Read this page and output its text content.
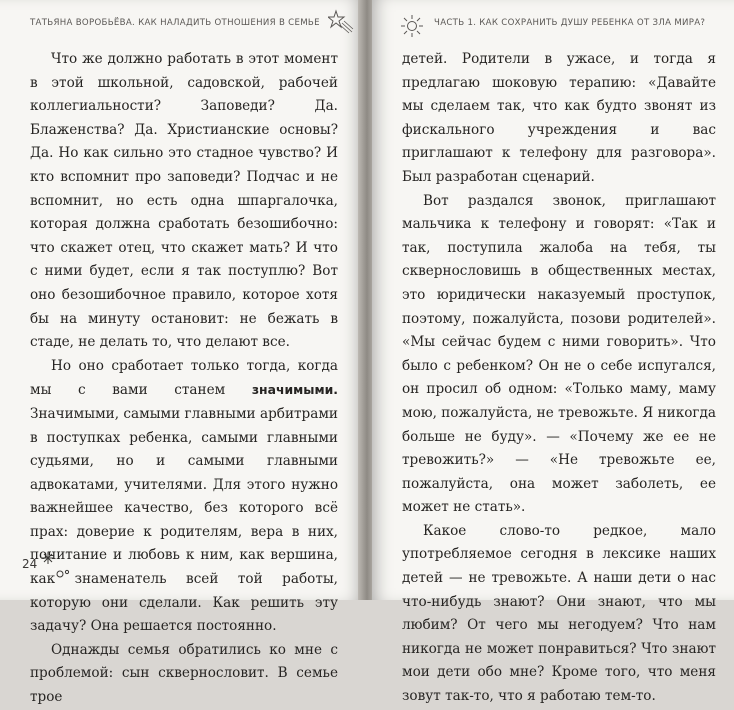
ТАТЬЯНА ВОРОБЬЁВА. КАК НАЛАДИТЬ ОТНОШЕНИЯ В СЕМЬЕ

Что же должно работать в этот момент в этой школьной, садовской, рабочей коллегиальности? Заповеди? Да. Блаженства? Да. Христианские основы? Да. Но как сильно это стадное чувство? И кто вспомнит про заповеди? Подчас и не вспомнит, но есть одна шпаргалочка, которая должна сработать безошибочно: что скажет отец, что скажет мать? И что с ними будет, если я так поступлю? Вот оно безошибочное правило, которое хотя бы на минуту остановит: не бежать в стаде, не делать то, что делают все.

Но оно сработает только тогда, когда мы с вами станем значимыми. Значимыми, самыми главными арбитрами в поступках ребенка, самыми главными судьями, но и самыми главными адвокатами, учителями. Для этого нужно важнейшее качество, без которого всё прах: доверие к родителям, вера в них, почитание и любовь к ним, как вершина, как знаменатель всей той работы, которую они сделали. Как решить эту задачу? Она решается постоянно.

Однажды семья обратились ко мне с проблемой: сын сквернословит. В семье трое

24
ЧАСТЬ 1. КАК СОХРАНИТЬ ДУШУ РЕБЕНКА ОТ ЗЛА МИРА?

детей. Родители в ужасе, и тогда я предлагаю шоковую терапию: «Давайте мы сделаем так, что как будто звонят из фискального учреждения и вас приглашают к телефону для разговора». Был разработан сценарий.

Вот раздался звонок, приглашают мальчика к телефону и говорят: «Так и так, поступила жалоба на тебя, ты сквернословишь в общественных местах, это юридически наказуемый проступок, поэтому, пожалуйста, позови родителей». «Мы сейчас будем с ними говорить». Что было с ребенком? Он не о себе испугался, он просил об одном: «Только маму, маму мою, пожалуйста, не тревожьте. Я никогда больше не буду». — «Почему же ее не тревожить?» — «Не тревожьте ее, пожалуйста, она может заболеть, ее может не стать».

Какое слово-то редкое, мало употребляемое сегодня в лексике наших детей — не тревожьте. А наши дети о нас что-нибудь знают? Они знают, что мы любим? От чего мы негодуем? Что нам никогда не может понравиться? Что знают мои дети обо мне? Кроме того, что меня зовут так-то, что я работаю тем-то.
